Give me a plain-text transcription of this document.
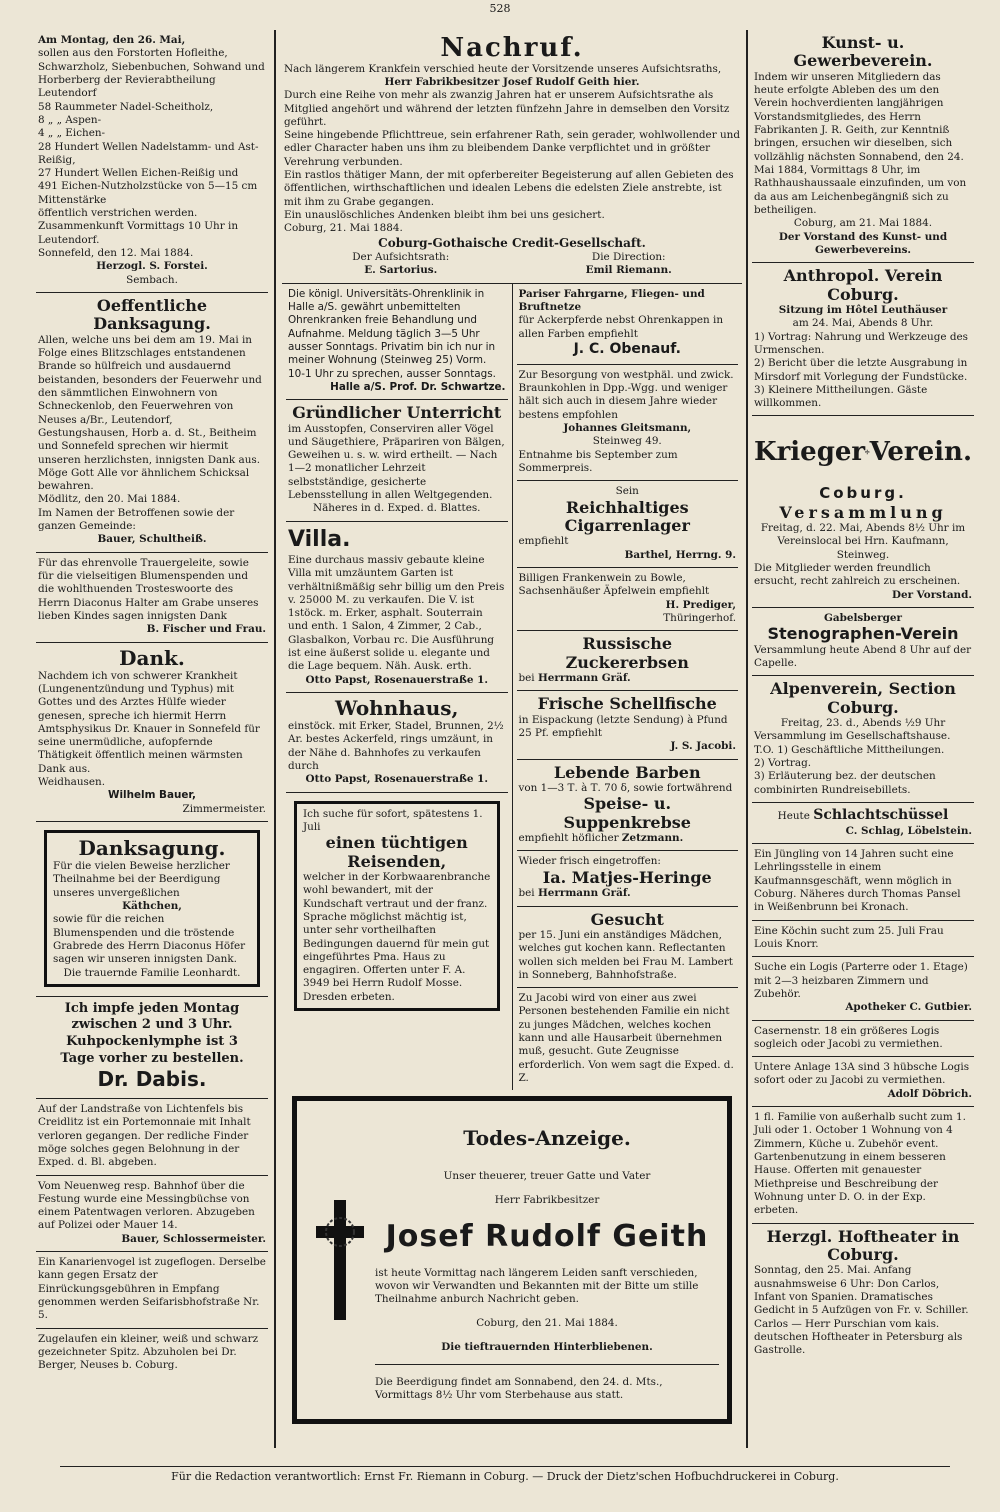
528

Am Montag, den 26. Mai,

sollen aus den Forstorten Hofleithe, Schwarzholz, Siebenbuchen, Sohwand und Horberberg der Revierabtheilung Leutendorf

58 Raummeter Nadel-Scheitholz,
8 „ „ Aspen-
4 „ „ Eichen-
28 Hundert Wellen Nadelstamm- und Ast-Reißig,
27 Hundert Wellen Eichen-Reißig und
491 Eichen-Nutzholzstücke von 5—15 cm Mittenstärke

öffentlich verstrichen werden.

Zusammenkunft Vormittags 10 Uhr in Leutendorf.

Sonnefeld, den 12. Mai 1884.

Herzogl. S. Forstei.

Sembach.

Oeffentliche Danksagung.

Allen, welche uns bei dem am 19. Mai in Folge eines Blitzschlages entstandenen Brande so hülfreich und ausdauernd beistanden, besonders der Feuerwehr und den sämmtlichen Einwohnern von Schneckenlob, den Feuerwehren von Neuses a/Br., Leutendorf, Gestungshausen, Horb a. d. St., Beitheim und Sonnefeld sprechen wir hiermit unseren herzlichsten, innigsten Dank aus. Möge Gott Alle vor ähnlichem Schicksal bewahren.

Mödlitz, den 20. Mai 1884.

Im Namen der Betroffenen sowie der ganzen Gemeinde:

Bauer, Schultheiß.

Für das ehrenvolle Trauergeleite, sowie für die vielseitigen Blumenspenden und die wohlthuenden Trosteswoorte des Herrn Diaconus Halter am Grabe unseres lieben Kindes sagen innigsten Dank

B. Fischer und Frau.

Dank.

Nachdem ich von schwerer Krankheit (Lungenentzündung und Typhus) mit Gottes und des Arztes Hülfe wieder genesen, spreche ich hiermit Herrn Amtsphysikus Dr. Knauer in Sonnefeld für seine unermüdliche, aufopfernde Thätigkeit öffentlich meinen wärmsten Dank aus.

Weidhausen.

Wilhelm Bauer,

Zimmermeister.

Danksagung.

Für die vielen Beweise herzlicher Theilnahme bei der Beerdigung unseres unvergeßlichen

Käthchen,

sowie für die reichen Blumenspenden und die tröstende Grabrede des Herrn Diaconus Höfer sagen wir unseren innigsten Dank.

Die trauernde Familie Leonhardt.

Ich impfe jeden Montag

zwischen 2 und 3 Uhr.

Kuhpockenlymphe ist 3

Tage vorher zu bestellen.

Dr. Dabis.

Auf der Landstraße von Lichtenfels bis Creidlitz ist ein Portemonnaie mit Inhalt verloren gegangen. Der redliche Finder möge solches gegen Belohnung in der Exped. d. Bl. abgeben.

Vom Neuenweg resp. Bahnhof über die Festung wurde eine Messingbüchse von einem Patentwagen verloren. Abzugeben auf Polizei oder Mauer 14.

Bauer, Schlossermeister.

Ein Kanarienvogel ist zugeflogen. Derselbe kann gegen Ersatz der Einrückungsgebühren in Empfang genommen werden Seifarisbhofstraße Nr. 5.

Zugelaufen ein kleiner, weiß und schwarz gezeichneter Spitz. Abzuholen bei Dr. Berger, Neuses b. Coburg.

Nachruf.

Nach längerem Krankfein verschied heute der Vorsitzende unseres Aufsichtsraths,

Herr Fabrikbesitzer Josef Rudolf Geith hier.

Durch eine Reihe von mehr als zwanzig Jahren hat er unserem Aufsichtsrathe als Mitglied angehört und während der letzten fünfzehn Jahre in demselben den Vorsitz geführt.

Seine hingebende Pflichttreue, sein erfahrener Rath, sein gerader, wohlwollender und edler Character haben uns ihm zu bleibendem Danke verpflichtet und in größter Verehrung verbunden.

Ein rastlos thätiger Mann, der mit opferbereiter Begeisterung auf allen Gebieten des öffentlichen, wirthschaftlichen und idealen Lebens die edelsten Ziele anstrebte, ist mit ihm zu Grabe gegangen.

Ein unauslöschliches Andenken bleibt ihm bei uns gesichert.

Coburg, 21. Mai 1884.

Coburg-Gothaische Credit-Gesellschaft.

Der Aufsichtsrath:

E. Sartorius.

Die Direction:

Emil Riemann.

Die königl. Universitäts-Ohrenklinik in Halle a/S. gewährt unbemittelten Ohrenkranken freie Behandlung und Aufnahme. Meldung täglich 3—5 Uhr ausser Sonntags. Privatim bin ich nur in meiner Wohnung (Steinweg 25) Vorm. 10-1 Uhr zu sprechen, ausser Sonntags.

Halle a/S. Prof. Dr. Schwartze.

Gründlicher Unterricht

im Ausstopfen, Conserviren aller Vögel und Säugethiere, Präpariren von Bälgen, Geweihen u. s. w. wird ertheilt. — Nach 1—2 monatlicher Lehrzeit selbstständige, gesicherte Lebensstellung in allen Weltgegenden.

Näheres in d. Exped. d. Blattes.

Villa.

Eine durchaus massiv gebaute kleine Villa mit umzäuntem Garten ist verhältnißmäßig sehr billig um den Preis v. 25000 M. zu verkaufen. Die V. ist 1stöck. m. Erker, asphalt. Souterrain und enth. 1 Salon, 4 Zimmer, 2 Cab., Glasbalkon, Vorbau rc. Die Ausführung ist eine äußerst solide u. elegante und die Lage bequem. Näh. Ausk. erth.

Otto Papst, Rosenauerstraße 1.

Wohnhaus,

einstöck. mit Erker, Stadel, Brunnen, 2½ Ar. bestes Ackerfeld, rings umzäunt, in der Nähe d. Bahnhofes zu verkaufen durch

Otto Papst, Rosenauerstraße 1.

Ich suche für sofort, spätestens 1. Juli

einen tüchtigen Reisenden,

welcher in der Korbwaarenbranche wohl bewandert, mit der Kundschaft vertraut und der franz. Sprache möglichst mächtig ist, unter sehr vortheilhaften Bedingungen dauernd für mein gut eingeführtes Pma. Haus zu engagiren. Offerten unter F. A. 3949 bei Herrn Rudolf Mosse. Dresden erbeten.

Pariser Fahrgarne, Fliegen- und Bruftnetze

für Ackerpferde nebst Ohrenkappen in allen Farben empfiehlt

J. C. Obenauf.

Zur Besorgung von westphäl. und zwick. Braunkohlen in Dpp.-Wgg. und weniger hält sich auch in diesem Jahre wieder bestens empfohlen

Johannes Gleitsmann,

Steinweg 49.

Entnahme bis September zum Sommerpreis.

Sein

Reichhaltiges Cigarrenlager

empfiehlt

Barthel, Herrng. 9.

Billigen Frankenwein zu Bowle, Sachsenhäußer Äpfelwein empfiehlt

H. Prediger,

Thüringerhof.

Russische Zuckererbsen

bei Herrmann Gräf.

Frische Schellfische

in Eispackung (letzte Sendung) à Pfund 25 Pf. empfiehlt

J. S. Jacobi.

Lebende Barben

von 1—3 Τ. à Τ. 70 δ, sowie fortwährend

Speise- u. Suppenkrebse

empfiehlt höflicher Zetzmann.

Wieder frisch eingetroffen:

Ia. Matjes-Heringe

bei Herrmann Gräf.

Gesucht

per 15. Juni ein anständiges Mädchen, welches gut kochen kann. Reflectanten wollen sich melden bei Frau M. Lambert in Sonneberg, Bahnhofstraße.

Zu Jacobi wird von einer aus zwei Personen bestehenden Familie ein nicht zu junges Mädchen, welches kochen kann und alle Hausarbeit übernehmen muß, gesucht. Gute Zeugnisse erforderlich. Von wem sagt die Exped. d. Z.

Todes-Anzeige.

Unser theuerer, treuer Gatte und Vater

Herr Fabrikbesitzer

Josef Rudolf Geith

ist heute Vormittag nach längerem Leiden sanft verschieden, wovon wir Verwandten und Bekannten mit der Bitte um stille Theilnahme anburch Nachricht geben.

Coburg, den 21. Mai 1884.

Die tieftrauernden Hinterbliebenen.

Die Beerdigung findet am Sonnabend, den 24. d. Mts., Vormittags 8½ Uhr vom Sterbehause aus statt.

Kunst- u. Gewerbeverein.

Indem wir unseren Mitgliedern das heute erfolgte Ableben des um den Verein hochverdienten langjährigen Vorstandsmitgliedes, des Herrn Fabrikanten J. R. Geith, zur Kenntniß bringen, ersuchen wir dieselben, sich vollzählig nächsten Sonnabend, den 24. Mai 1884, Vormittags 8 Uhr, im Rathhaushaussaale einzufinden, um von da aus am Leichenbegängniß sich zu betheiligen.

Coburg, am 21. Mai 1884.

Der Vorstand des Kunst- und Gewerbevereins.

Anthropol. Verein Coburg.

Sitzung im Hôtel Leuthäuser

am 24. Mai, Abends 8 Uhr.

1) Vortrag: Nahrung und Werkzeuge des Urmenschen.
2) Bericht über die letzte Ausgrabung in Mirsdorf mit Vorlegung der Fundstücke.
3) Kleinere Mittheilungen. Gäste willkommen.
Krieger Verein.

Coburg.

Versammlung

Freitag, d. 22. Mai, Abends 8½ Uhr im Vereinslocal bei Hrn. Kaufmann, Steinweg.

Die Mitglieder werden freundlich ersucht, recht zahlreich zu erscheinen.

Der Vorstand.

Gabelsberger

Stenographen-Verein

Versammlung heute Abend 8 Uhr auf der Capelle.

Alpenverein, Section Coburg.

Freitag, 23. d., Abends ½9 Uhr

Versammlung im Gesellschaftshause.

T.O. 1) Geschäftliche Mittheilungen.
2) Vortrag.
3) Erläuterung bez. der deutschen combinirten Rundreisebillets.

Heute Schlachtschüssel

C. Schlag, Löbelstein.

Ein Jüngling von 14 Jahren sucht eine Lehrlingsstelle in einem Kaufmannsgeschäft, wenn möglich in Coburg. Näheres durch Thomas Pansel in Weißenbrunn bei Kronach.

Eine Köchin sucht zum 25. Juli Frau Louis Knorr.

Suche ein Logis (Parterre oder 1. Etage) mit 2—3 heizbaren Zimmern und Zubehör.

Apotheker C. Gutbier.

Casernenstr. 18 ein größeres Logis sogleich oder Jacobi zu vermiethen.

Untere Anlage 13A sind 3 hübsche Logis sofort oder zu Jacobi zu vermiethen.

Adolf Döbrich.

1 fl. Familie von außerhalb sucht zum 1. Juli oder 1. October 1 Wohnung von 4 Zimmern, Küche u. Zubehör event. Gartenbenutzung in einem besseren Hause. Offerten mit genauester Miethpreise und Beschreibung der Wohnung unter D. O. in der Exp. erbeten.

Herzgl. Hoftheater in Coburg.

Sonntag, den 25. Mai. Anfang ausnahmsweise 6 Uhr: Don Carlos, Infant von Spanien. Dramatisches Gedicht in 5 Aufzügen von Fr. v. Schiller. Carlos — Herr Purschian vom kais. deutschen Hoftheater in Petersburg als Gastrolle.

Für die Redaction verantwortlich: Ernst Fr. Riemann in Coburg. — Druck der Dietz'schen Hofbuchdruckerei in Coburg.
